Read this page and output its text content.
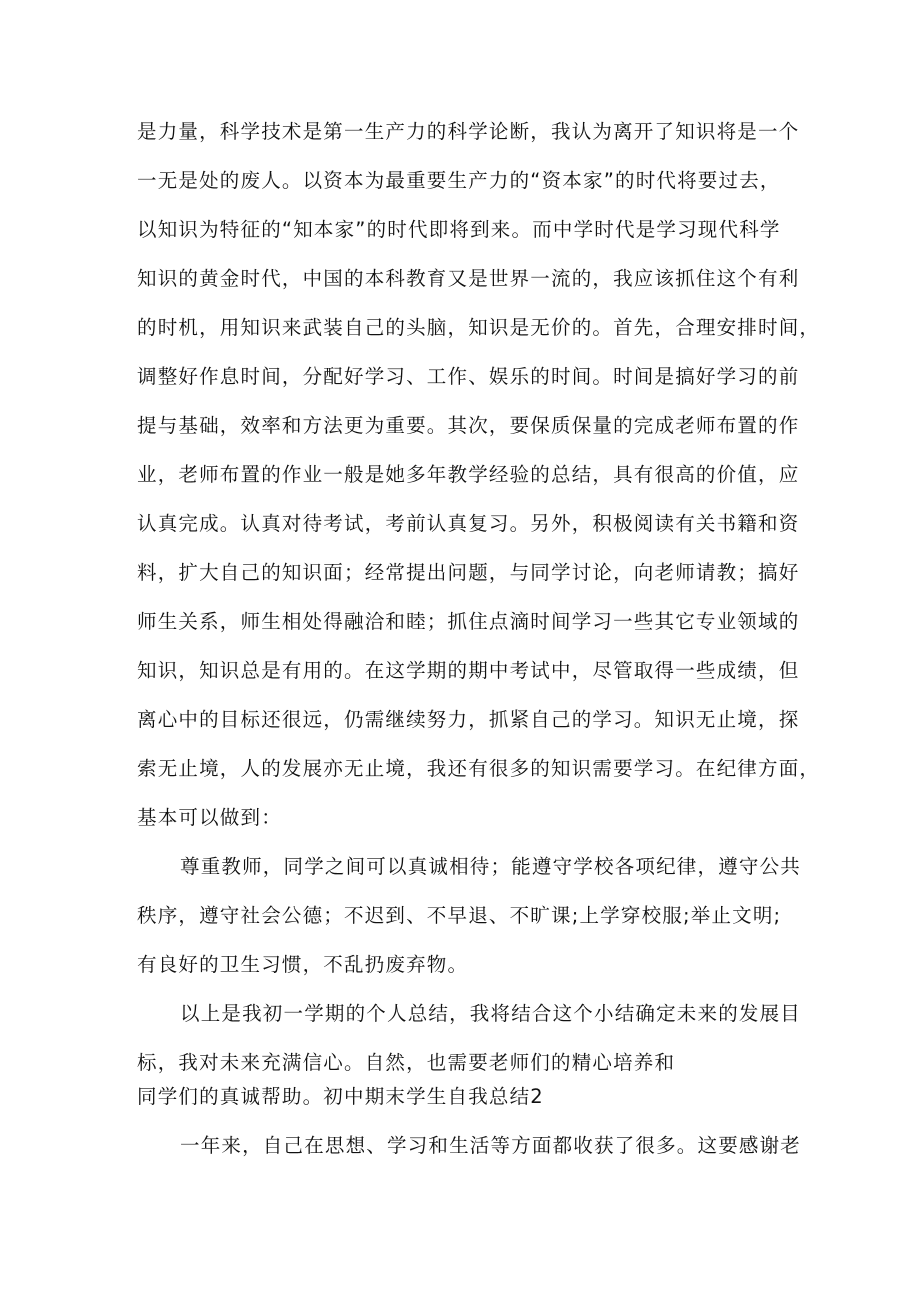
是力量，科学技术是第一生产力的科学论断，我认为离开了知识将是一个
一无是处的废人。以资本为最重要生产力的“资本家”的时代将要过去，
以知识为特征的“知本家”的时代即将到来。而中学时代是学习现代科学
知识的黄金时代，中国的本科教育又是世界一流的，我应该抓住这个有利
的时机，用知识来武装自己的头脑，知识是无价的。首先，合理安排时间，
调整好作息时间，分配好学习、工作、娱乐的时间。时间是搞好学习的前
提与基础，效率和方法更为重要。其次，要保质保量的完成老师布置的作
业，老师布置的作业一般是她多年教学经验的总结，具有很高的价值，应
认真完成。认真对待考试，考前认真复习。另外，积极阅读有关书籍和资
料，扩大自己的知识面；经常提出问题，与同学讨论，向老师请教；搞好
师生关系，师生相处得融洽和睦；抓住点滴时间学习一些其它专业领域的
知识，知识总是有用的。在这学期的期中考试中，尽管取得一些成绩，但
离心中的目标还很远，仍需继续努力，抓紧自己的学习。知识无止境，探
索无止境，人的发展亦无止境，我还有很多的知识需要学习。在纪律方面，
基本可以做到：
尊重教师，同学之间可以真诚相待；能遵守学校各项纪律，遵守公共
秩序，遵守社会公德；不迟到、不早退、不旷课;上学穿校服;举止文明;
有良好的卫生习惯，不乱扔废弃物。
以上是我初一学期的个人总结，我将结合这个小结确定未来的发展目
标，我对未来充满信心。自然，也需要老师们的精心培养和
同学们的真诚帮助。初中期末学生自我总结2
一年来，自己在思想、学习和生活等方面都收获了很多。这要感谢老
